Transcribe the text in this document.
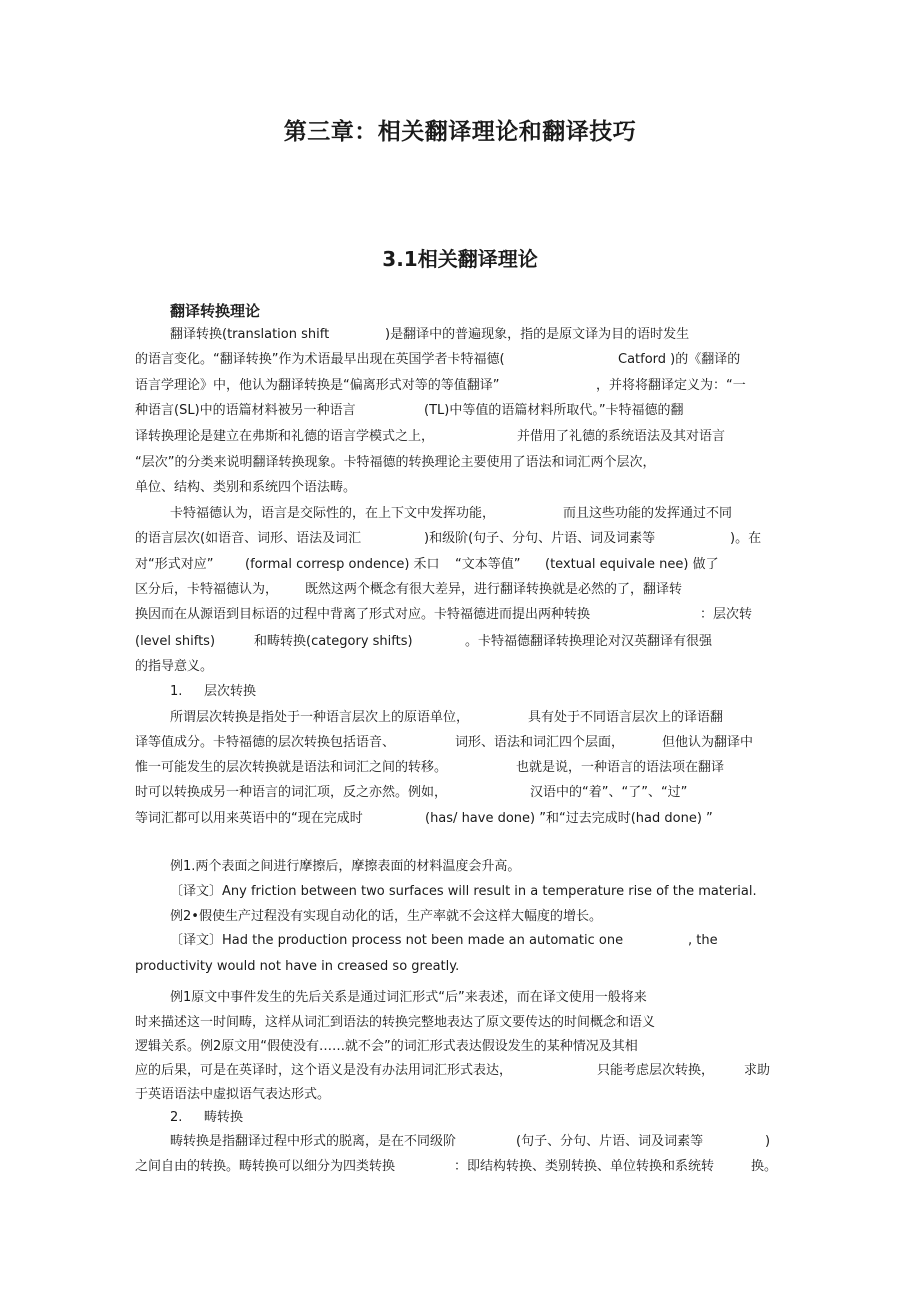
第三章：相关翻译理论和翻译技巧
3.1相关翻译理论
翻译转换理论

翻译转换(translation shift

	)是翻译中的普遍现象，指的是原文译为目的语时发生

的语言变化。“翻译转换”作为术语最早出现在英国学者卡特福德(

	Catford )的《翻译的

语言学理论》中，他认为翻译转换是“偏离形式对等的等值翻译”

	，并将将翻译定义为：“一

种语言(SL)中的语篇材料被另一种语言

	(TL)中等值的语篇材料所取代。”卡特福德的翻

译转换理论是建立在弗斯和礼德的语言学模式之上，

	并借用了礼德的系统语法及其对语言

“层次”的分类来说明翻译转换现象。卡特福德的转换理论主要使用了语法和词汇两个层次，

单位、结构、类别和系统四个语法畴。

卡特福德认为，语言是交际性的，在上下文中发挥功能，

	而且这些功能的发挥通过不同

的语言层次(如语音、词形、语法及词汇

	)和级阶(句子、分句、片语、词及词素等

	)。在

对“形式对应”

(formal corresp ondence) 禾口

“文本等值”

(textual equivale nee) 做了

区分后，卡特福德认为，

既然这两个概念有很大差异，进行翻译转换就是必然的了，翻译转

换因而在从源语到目标语的过程中背离了形式对应。卡特福德进而提出两种转换

	：层次转

(level shifts)

	和畴转换(category shifts)

	。卡特福德翻译转换理论对汉英翻译有很强

的指导意义。

1.

层次转换

所谓层次转换是指处于一种语言层次上的原语单位，

	具有处于不同语言层次上的译语翻

译等值成分。卡特福德的层次转换包括语音、

	词形、语法和词汇四个层面，

	但他认为翻译中

惟一可能发生的层次转换就是语法和词汇之间的转移。

	也就是说，一种语言的语法项在翻译

时可以转换成另一种语言的词汇项，反之亦然。例如，

	汉语中的“着”、“了”、“过”

等词汇都可以用来英语中的“现在完成时

	(has/ have done) ”和“过去完成时(had done) ”

例1.两个表面之间进行摩擦后，摩擦表面的材料温度会升高。

〔译文〕Any friction between two surfaces will result in a temperature rise of the material.

例2•假使生产过程没有实现自动化的话，生产率就不会这样大幅度的增长。

〔译文〕Had the production process not been made an automatic one

	, the

productivity would not have in creased so greatly.

例1原文中事件发生的先后关系是通过词汇形式“后”来表述，而在译文使用一般将来

时来描述这一时间畴，这样从词汇到语法的转换完整地表达了原文要传达的时间概念和语义

逻辑关系。例2原文用“假使没有……就不会”的词汇形式表达假设发生的某种情况及其相

应的后果，可是在英译时，这个语义是没有办法用词汇形式表达，

	只能考虑层次转换，

求助

于英语语法中虚拟语气表达形式。

2.

畴转换

畴转换是指翻译过程中形式的脱离，是在不同级阶

	(句子、分句、片语、词及词素等

	)

之间自由的转换。畴转换可以细分为四类转换

	：即结构转换、类别转换、单位转换和系统转

	换。
